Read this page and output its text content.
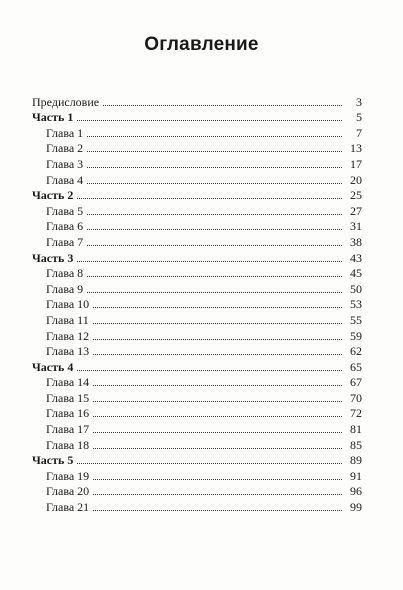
Оглавление
Предисловие	3
Часть 1	5
Глава 1	7
Глава 2	13
Глава 3	17
Глава 4	20
Часть 2	25
Глава 5	27
Глава 6	31
Глава 7	38
Часть 3	43
Глава 8	45
Глава 9	50
Глава 10	53
Глава 11	55
Глава 12	59
Глава 13	62
Часть 4	65
Глава 14	67
Глава 15	70
Глава 16	72
Глава 17	81
Глава 18	85
Часть 5	89
Глава 19	91
Глава 20	96
Глава 21	99
